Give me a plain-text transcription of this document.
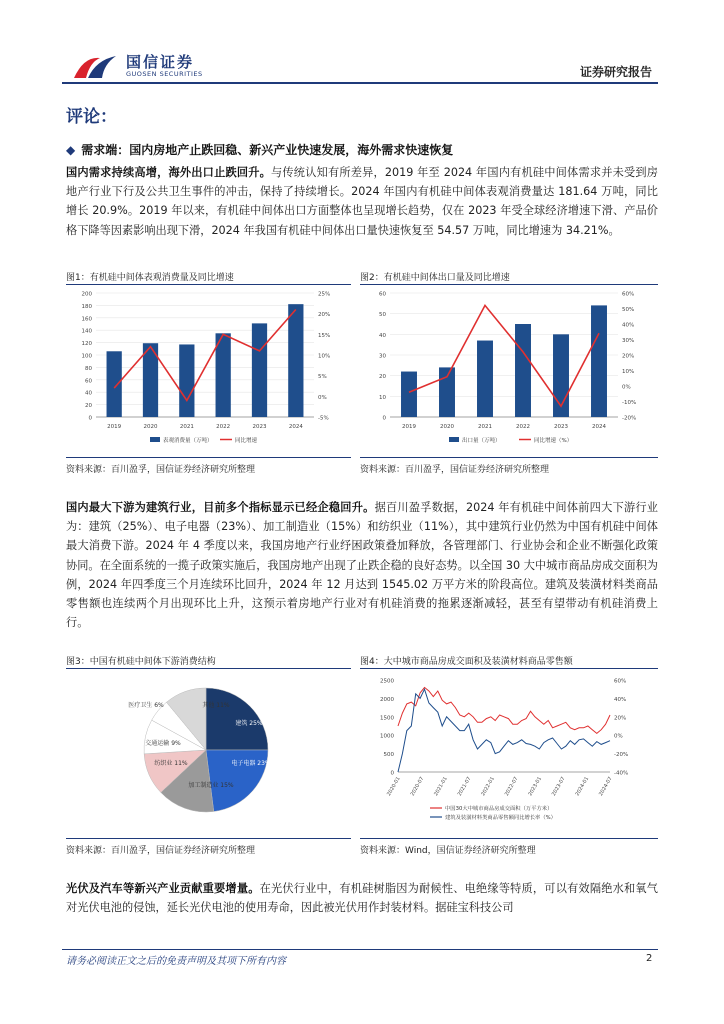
国信证券
GUOSEN SECURITIES	证券研究报告
评论：
◆ 需求端：国内房地产止跌回稳、新兴产业快速发展，海外需求快速恢复
国内需求持续高增，海外出口止跌回升。与传统认知有所差异，2019 年至 2024 年国内有机硅中间体需求并未受到房地产行业下行及公共卫生事件的冲击，保持了持续增长。2024 年国内有机硅中间体表观消费量达 181.64 万吨，同比增长 20.9%。2019 年以来，有机硅中间体出口方面整体也呈现增长趋势，仅在 2023 年受全球经济增速下滑、产品价格下降等因素影响出现下滑，2024 年我国有机硅中间体出口量快速恢复至 54.57 万吨，同比增速为 34.21%。
图1：有机硅中间体表观消费量及同比增速
0
20
40
60
80
100
120
140
160
180
200
-5%
0%
5%
10%
15%
20%
25%
2019	2020	2021	2022	2023	2024
表观消费量（万吨）	同比增速
资料来源：百川盈孚，国信证券经济研究所整理
图2：有机硅中间体出口量及同比增速
0
10
20
30
40
50
60
-20%
-10%
0%
10%
20%
30%
40%
50%
60%
2019	2020	2021	2022	2023	2024
出口量（万吨）	同比增速（%）
资料来源：百川盈孚，国信证券经济研究所整理
国内最大下游为建筑行业，目前多个指标显示已经企稳回升。据百川盈孚数据，2024 年有机硅中间体前四大下游行业为：建筑（25%）、电子电器（23%）、加工制造业（15%）和纺织业（11%），其中建筑行业仍然为中国有机硅中间体最大消费下游。2024 年 4 季度以来，我国房地产行业纾困政策叠加释放，各管理部门、行业协会和企业不断强化政策协同。在全面系统的一揽子政策实施后，我国房地产出现了止跌企稳的良好态势。以全国 30 大中城市商品房成交面积为例，2024 年四季度三个月连续环比回升，2024 年 12 月达到 1545.02 万平方米的阶段高位。建筑及装潢材料类商品零售额也连续两个月出现环比上升，这预示着房地产行业对有机硅消费的拖累逐渐减轻，甚至有望带动有机硅消费上行。
图3：中国有机硅中间体下游消费结构
建筑 25%
电子电器 23%
加工制造业 15%
纺织业 11%
交通运输 9%
医疗卫生 6%	其他 11%
资料来源：百川盈孚，国信证券经济研究所整理
图4：大中城市商品房成交面积及装潢材料商品零售额
0
500
1000
1500
2000
2500
-40%
-20%
0%
20%
40%
60%
2020-01 2020-07 2021-01 2021-07 2022-01 2022-07 2023-01 2023-07 2024-01 2024-07
中国30大中城市商品房成交面积（万平方米）
建筑及装潢材料类商品零售额同比增长率（%）
资料来源：Wind，国信证券经济研究所整理
光伏及汽车等新兴产业贡献重要增量。在光伏行业中，有机硅树脂因为耐候性、电绝缘等特质，可以有效隔绝水和氧气对光伏电池的侵蚀，延长光伏电池的使用寿命，因此被光伏用作封装材料。据硅宝科技公司
请务必阅读正文之后的免责声明及其项下所有内容	2
